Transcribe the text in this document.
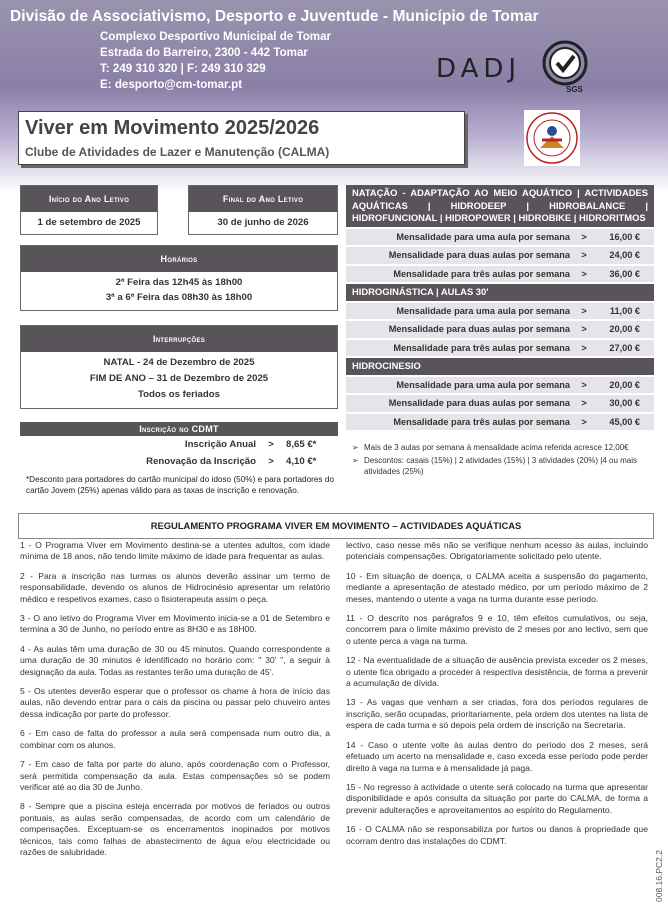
Divisão de Associativismo, Desporto e Juventude - Município de Tomar
Complexo Desportivo Municipal de Tomar
Estrada do Barreiro, 2300 - 442 Tomar
T: 249 310 320 | F: 249 310 329
E: desporto@cm-tomar.pt
DADJ
SGS
Viver em Movimento 2025/2026
Clube de Atividades de Lazer e Manutenção (CALMA)
Início do Ano Letivo
1 de setembro de 2025
Final do Ano Letivo
30 de junho de 2026
Horários
2ª Feira das 12h45 às 18h00
3ª a 6ª Feira das 08h30 às 18h00
Interrupções
NATAL - 24 de Dezembro de 2025
FIM DE ANO – 31 de Dezembro de 2025
Todos os feriados
Inscrição no CDMT
Inscrição Anual	>	8,65 €*
Renovação da Inscrição	>	4,10 €*
*Desconto para portadores do cartão municipal do idoso (50%) e para portadores do cartão Jovem (25%) apenas válido para as taxas de inscrição e renovação.
NATAÇÃO - ADAPTAÇÃO AO MEIO AQUÁTICO | ACTIVIDADES AQUÁTICAS | HIDRODEEP | HIDROBALANCE | HIDROFUNCIONAL | HIDROPOWER | HIDROBIKE | HIDRORITMOS
Mensalidade para uma aula por semana	>	16,00 €
Mensalidade para duas aulas por semana	>	24,00 €
Mensalidade para três aulas por semana	>	36,00 €
HIDROGINÁSTICA | AULAS 30'
Mensalidade para uma aula por semana	>	11,00 €
Mensalidade para duas aulas por semana	>	20,00 €
Mensalidade para três aulas por semana	>	27,00 €
HIDROCINESIO
Mensalidade para uma aula por semana	>	20,00 €
Mensalidade para duas aulas por semana	>	30,00 €
Mensalidade para três aulas por semana	>	45,00 €
➢ Mais de 3 aulas por semana à mensalidade acima referida acresce 12,00€
➢ Descontos: casais (15%) | 2 atividades (15%) | 3 atividades (20%) |4 ou mais atividades (25%)
REGULAMENTO PROGRAMA VIVER EM MOVIMENTO – ACTIVIDADES AQUÁTICAS

1 - O Programa Viver em Movimento destina-se a utentes adultos, com idade mínima de 18 anos, não tendo limite máximo de idade para frequentar as aulas.

2 - Para a inscrição nas turmas os alunos deverão assinar um termo de responsabilidade, devendo os alunos de Hidrocinésio apresentar um relatório médico e respetivos exames, caso o fisioterapeuta assim o peça.

3 - O ano letivo do Programa Viver em Movimento inicia-se a 01 de Setembro e termina a 30 de Junho, no período entre as 8H30 e as 18H00.

4 - As aulas têm uma duração de 30 ou 45 minutos. Quando correspondente a uma duração de 30 minutos é identificado no horário com: " 30' ", a seguir à designação da aula. Todas as restantes terão uma duração de 45'.

5 - Os utentes deverão esperar que o professor os chame à hora de início das aulas, não devendo entrar para o cais da piscina ou passar pelo chuveiro antes dessa indicação por parte do professor.

6 - Em caso de falta do professor a aula será compensada num outro dia, a combinar com os alunos.

7 - Em caso de falta por parte do aluno, após coordenação com o Professor, será permitida compensação da aula. Estas compensações só se podem verificar até ao dia 30 de Junho.

8 - Sempre que a piscina esteja encerrada por motivos de feriados ou outros pontuais, as aulas serão compensadas, de acordo com um calendário de compensações. Exceptuam-se os encerramentos inopinados por motivos técnicos, tais como falhas de abastecimento de água e/ou electricidade ou razões de salubridade.

lectivo, caso nesse mês não se verifique nenhum acesso às aulas, incluindo potenciais compensações. Obrigatoriamente solicitado pelo utente.

10 - Em situação de doença, o CALMA aceita a suspensão do pagamento, mediante a apresentação de atestado médico, por um período máximo de 2 meses, mantendo o utente a vaga na turma durante esse período.

11 - O descrito nos parágrafos 9 e 10, têm efeitos cumulativos, ou seja, concorrem para o limite máximo previsto de 2 meses por ano lectivo, sem que o utente perca a vaga na turma.

12 - Na eventualidade de a situação de ausência prevista exceder os 2 meses, o utente fica obrigado a proceder à respectiva desistência, de forma a prevenir a acumulação de dívida.

13 - As vagas que venham a ser criadas, fora dos períodos regulares de inscrição, serão ocupadas, prioritariamente, pela ordem dos utentes na lista de espera de cada turma e só depois pela ordem de inscrição na Secretaria.

14 - Caso o utente volte às aulas dentro do período dos 2 meses, será efetuado um acerto na mensalidade e, caso exceda esse período pode perder direito à vaga na turma e à mensalidade já paga.

15 - No regresso à actividade o utente será colocado na turma que apresentar disponibilidade e após consulta da situação por parte do CALMA, de forma a prevenir adulterações e aproveitamentos ao espírito do Regulamento.

16 - O CALMA não se responsabiliza por furtos ou danos à propriedade que ocorram dentro das instalações do CDMT.

008.16.PC2.2
